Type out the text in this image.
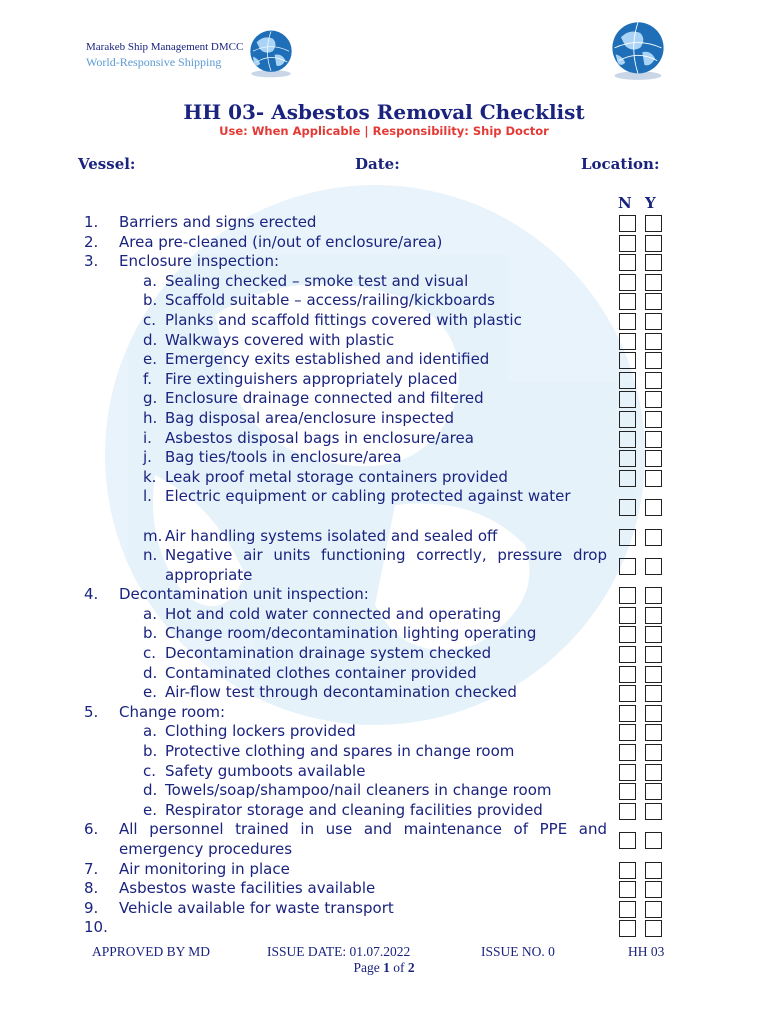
Marakeb Ship Management DMCC
World-Responsive Shipping
HH 03- Asbestos Removal Checklist
Use: When Applicable | Responsibility: Ship Doctor
Vessel:	Date:	Location:
N Y
1. Barriers and signs erected
2. Area pre-cleaned (in/out of enclosure/area)
3. Enclosure inspection:
a. Sealing checked – smoke test and visual
b. Scaffold suitable – access/railing/kickboards
c. Planks and scaffold fittings covered with plastic
d. Walkways covered with plastic
e. Emergency exits established and identified
f. Fire extinguishers appropriately placed
g. Enclosure drainage connected and filtered
h. Bag disposal area/enclosure inspected
i. Asbestos disposal bags in enclosure/area
j. Bag ties/tools in enclosure/area
k. Leak proof metal storage containers provided
l. Electric equipment or cabling protected against water
m. Air handling systems isolated and sealed off
n. Negative air units functioning correctly, pressure drop appropriate
4. Decontamination unit inspection:
a. Hot and cold water connected and operating
b. Change room/decontamination lighting operating
c. Decontamination drainage system checked
d. Contaminated clothes container provided
e. Air-flow test through decontamination checked
5. Change room:
a. Clothing lockers provided
b. Protective clothing and spares in change room
c. Safety gumboots available
d. Towels/soap/shampoo/nail cleaners in change room
e. Respirator storage and cleaning facilities provided
6. All personnel trained in use and maintenance of PPE and emergency procedures
7. Air monitoring in place
8. Asbestos waste facilities available
9. Vehicle available for waste transport
10.
APPROVED BY MD	ISSUE DATE: 01.07.2022	ISSUE NO. 0	HH 03
Page 1 of 2
